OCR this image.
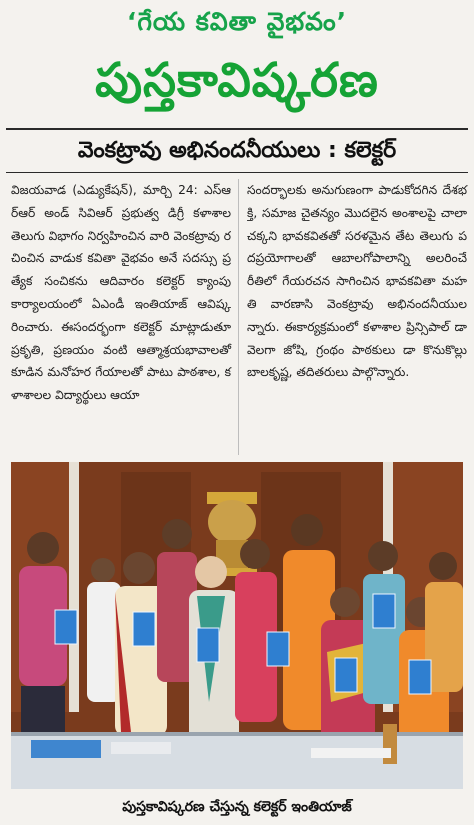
‘గేయ కవితా వైభవం’
పుస్తకావిష్కరణ
వెంకట్రావు అభినందనీయులు : కలెక్టర్
విజయవాడ (ఎడ్యుకేషన్), మార్చి 24: ఎస్‌ఆర్‌ఆర్ అండ్ సివిఆర్ ప్రభుత్వ డిగ్రీ కళాశాల తెలుగు విభాగం నిర్వహించిన వారి వెంకట్రావు రచించిన వాడుక కవితా వైభవం అనే సదస్సు ప్రత్యేక సంచికను ఆదివారం కలెక్టర్ క్యాంపు కార్యాలయంలో ఏఎండీ ఇంతియాజ్ ఆవిష్కరించారు. ఈసందర్భంగా కలెక్టర్ మాట్లాడుతూ ప్రకృతి, ప్రణయం వంటి ఆత్మాశ్రయభావాలతో కూడిన మనోహర గేయాలతో పాటు పాఠశాల, కళాశాలల విద్యార్థులు ఆయా
సందర్భాలకు అనుగుణంగా పాడుకోదగిన దేశభక్తి, సమాజ చైతన్యం మొదలైన అంశాలపై చాలా చక్కని భావకవితతో సరళమైన తేట తెలుగు పదప్రయోగాలతో ఆబాలగోపాలాన్ని అలరించే రీతిలో గేయరచన సాగించిన భావకవితా మహతి వారణాసి వెంకట్రావు అభినందనీయులన్నారు. ఈకార్యక్రమంలో కళాశాల ప్రిన్సిపాల్ డా వెలగా జోషి, గ్రంథం పాఠకులు డా కొనుకొల్లు బాలకృష్ణ, తదితరులు పాల్గొన్నారు.
పుస్తకావిష్కరణ చేస్తున్న కలెక్టర్ ఇంతియాజ్
